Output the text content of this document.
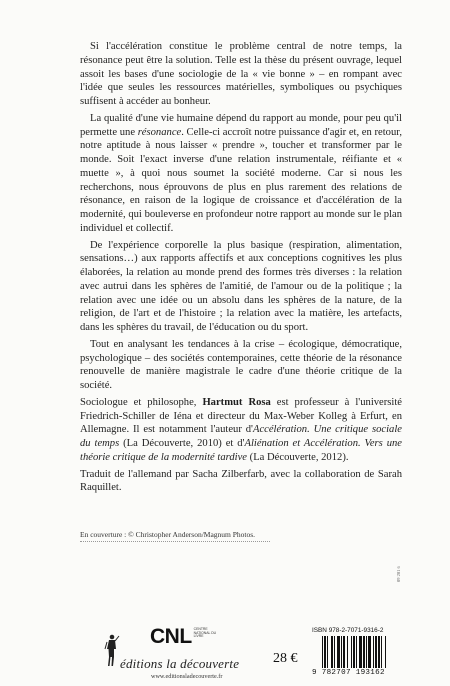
Si l'accélération constitue le problème central de notre temps, la résonance peut être la solution. Telle est la thèse du présent ouvrage, lequel assoit les bases d'une sociologie de la « vie bonne » – en rompant avec l'idée que seules les ressources matérielles, symboliques ou psychiques suffisent à accéder au bonheur.

La qualité d'une vie humaine dépend du rapport au monde, pour peu qu'il permette une résonance. Celle-ci accroît notre puissance d'agir et, en retour, notre aptitude à nous laisser « prendre », toucher et transformer par le monde. Soit l'exact inverse d'une relation instrumentale, réifiante et « muette », à quoi nous soumet la société moderne. Car si nous les recherchons, nous éprouvons de plus en plus rarement des relations de résonance, en raison de la logique de croissance et d'accélération de la modernité, qui bouleverse en profondeur notre rapport au monde sur le plan individuel et collectif.

De l'expérience corporelle la plus basique (respiration, alimentation, sensations…) aux rapports affectifs et aux conceptions cognitives les plus élaborées, la relation au monde prend des formes très diverses : la relation avec autrui dans les sphères de l'amitié, de l'amour ou de la politique ; la relation avec une idée ou un absolu dans les sphères de la nature, de la religion, de l'art et de l'histoire ; la relation avec la matière, les artefacts, dans les sphères du travail, de l'éducation ou du sport.

Tout en analysant les tendances à la crise – écologique, démocratique, psychologique – des sociétés contemporaines, cette théorie de la résonance renouvelle de manière magistrale le cadre d'une théorie critique de la société.

Sociologue et philosophe, Hartmut Rosa est professeur à l'université Friedrich-Schiller de Iéna et directeur du Max-Weber Kolleg à Erfurt, en Allemagne. Il est notamment l'auteur d'Accélération. Une critique sociale du temps (La Découverte, 2010) et d'Aliénation et Accélération. Vers une théorie critique de la modernité tardive (La Découverte, 2012).

Traduit de l'allemand par Sacha Zilberfarb, avec la collaboration de Sarah Raquillet.

En couverture : © Christopher Anderson/Magnum Photos.
09 201 6
CNL CENTRE NATIONAL DU LIVRE
éditions la découverte
www.editionsladecouverte.fr
28 €
ISBN 978-2-7071-9316-2
9 782707 193162
